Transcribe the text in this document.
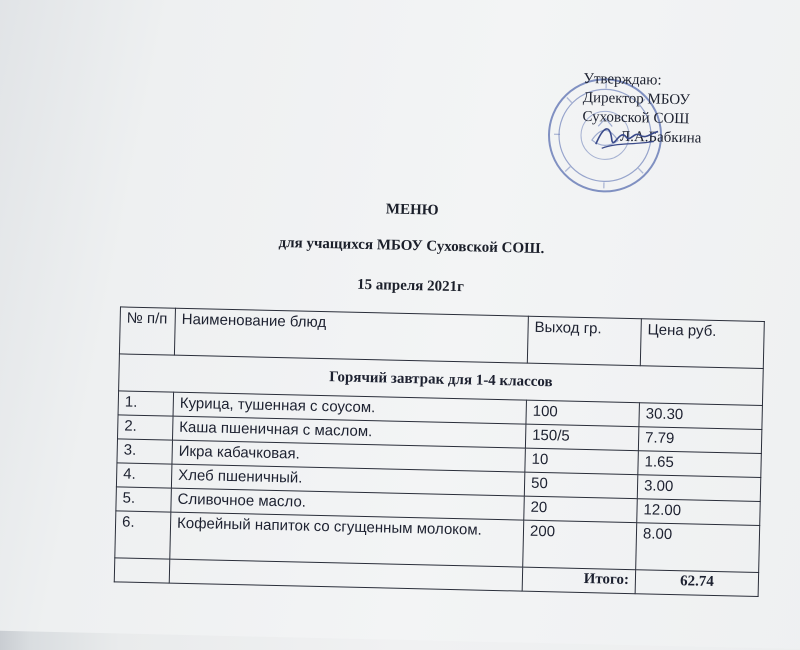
Утверждаю:
Директор МБОУ
Суховской СОШ
Л.А.Бабкина
МЕНЮ
для учащихся МБОУ Суховской СОШ.
15 апреля 2021г
№ п/п	Наименование блюд	Выход гр.	Цена руб.
Горячий завтрак для 1-4 классов			
1.	Курица, тушенная с соусом.	100	30.30
2.	Каша пшеничная с маслом.	150/5	7.79
3.	Икра кабачковая.	10	1.65
4.	Хлеб пшеничный.	50	3.00
5.	Сливочное масло.	20	12.00
6.	Кофейный напиток со сгущенным молоком.	200	8.00
		Итого:	62.74
